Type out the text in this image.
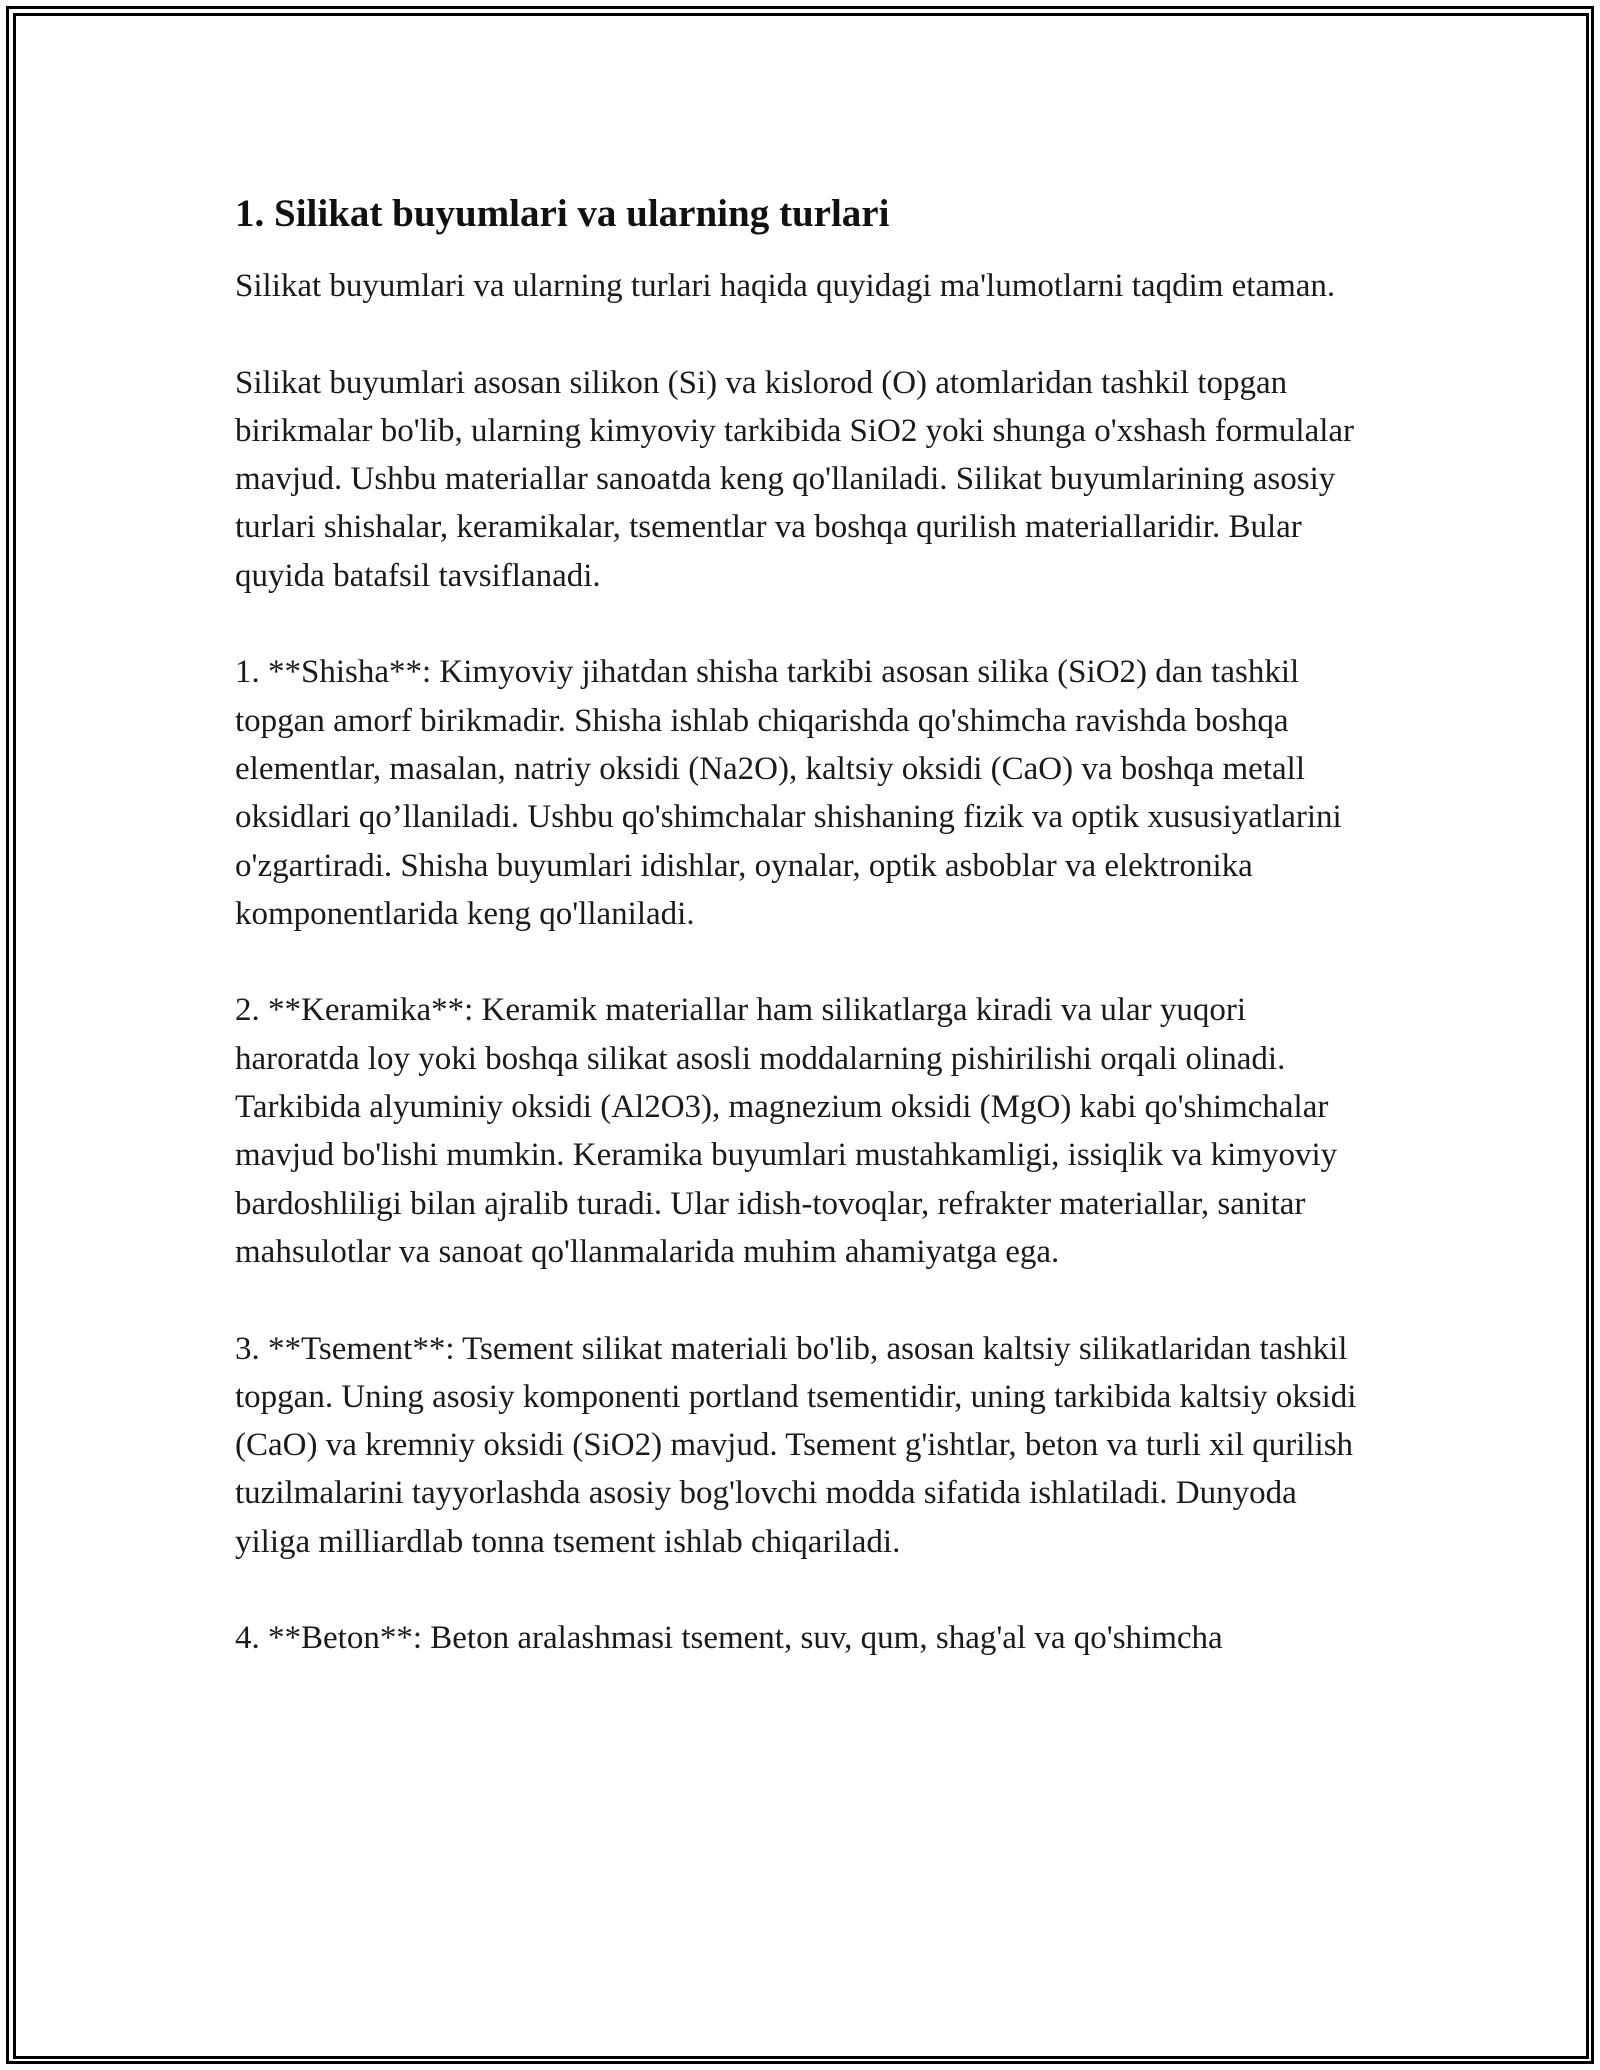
1. Silikat buyumlari va ularning turlari

Silikat buyumlari va ularning turlari haqida quyidagi ma'lumotlarni taqdim etaman.

Silikat buyumlari asosan silikon (Si) va kislorod (O) atomlaridan tashkil topgan birikmalar bo'lib, ularning kimyoviy tarkibida SiO2 yoki shunga o'xshash formulalar mavjud. Ushbu materiallar sanoatda keng qo'llaniladi. Silikat buyumlarining asosiy turlari shishalar, keramikalar, tsementlar va boshqa qurilish materiallaridir. Bular quyida batafsil tavsiflanadi.

1. **Shisha**: Kimyoviy jihatdan shisha tarkibi asosan silika (SiO2) dan tashkil topgan amorf birikmadir. Shisha ishlab chiqarishda qo'shimcha ravishda boshqa elementlar, masalan, natriy oksidi (Na2O), kaltsiy oksidi (CaO) va boshqa metall oksidlari qo’llaniladi. Ushbu qo'shimchalar shishaning fizik va optik xususiyatlarini o'zgartiradi. Shisha buyumlari idishlar, oynalar, optik asboblar va elektronika komponentlarida keng qo'llaniladi.

2. **Keramika**: Keramik materiallar ham silikatlarga kiradi va ular yuqori haroratda loy yoki boshqa silikat asosli moddalarning pishirilishi orqali olinadi. Tarkibida alyuminiy oksidi (Al2O3), magnezium oksidi (MgO) kabi qo'shimchalar mavjud bo'lishi mumkin. Keramika buyumlari mustahkamligi, issiqlik va kimyoviy bardoshliligi bilan ajralib turadi. Ular idish-tovoqlar, refrakter materiallar, sanitar mahsulotlar va sanoat qo'llanmalarida muhim ahamiyatga ega.

3. **Tsement**: Tsement silikat materiali bo'lib, asosan kaltsiy silikatlaridan tashkil topgan. Uning asosiy komponenti portland tsementidir, uning tarkibida kaltsiy oksidi (CaO) va kremniy oksidi (SiO2) mavjud. Tsement g'ishtlar, beton va turli xil qurilish tuzilmalarini tayyorlashda asosiy bog'lovchi modda sifatida ishlatiladi. Dunyoda yiliga milliardlab tonna tsement ishlab chiqariladi.

4. **Beton**: Beton aralashmasi tsement, suv, qum, shag'al va qo'shimcha
